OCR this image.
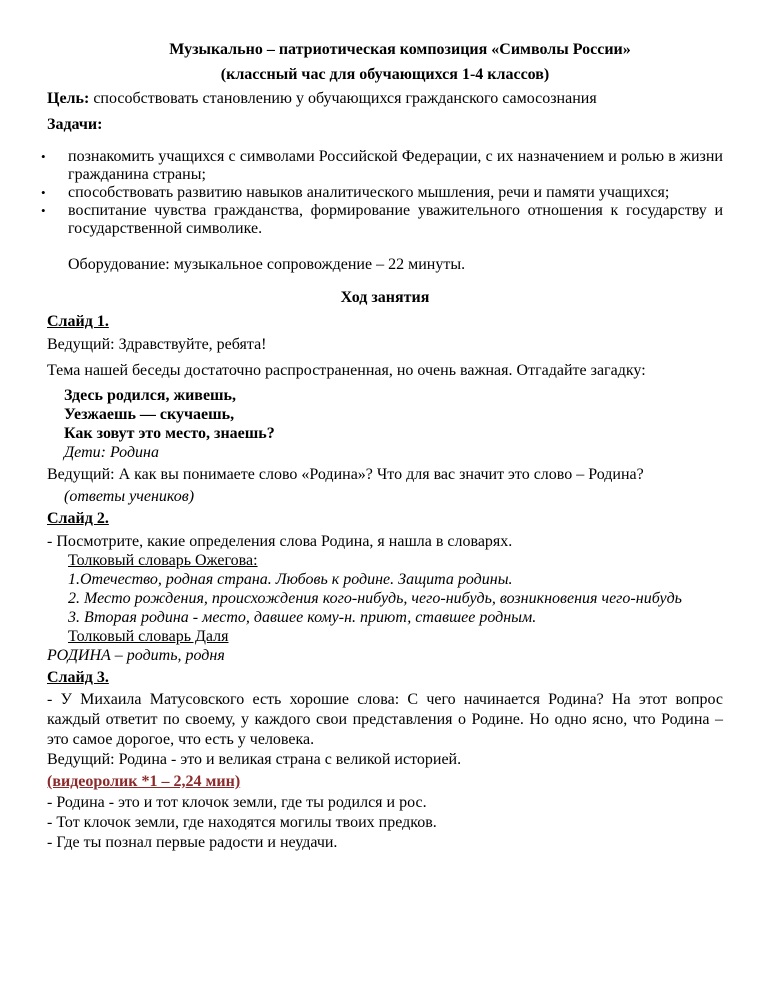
Музыкально – патриотическая композиция «Символы России»
(классный час для обучающихся 1-4 классов)
Цель: способствовать становлению у обучающихся гражданского самосознания
Задачи:
• познакомить учащихся с символами Российской Федерации, с их назначением и ролью в жизни гражданина страны;
• способствовать развитию навыков аналитического мышления, речи и памяти учащихся;
• воспитание чувства гражданства, формирование уважительного отношения к государству и государственной символике.
Оборудование: музыкальное сопровождение – 22 минуты.
Ход занятия
Слайд 1.
Ведущий: Здравствуйте, ребята!
Тема нашей беседы достаточно распространенная, но очень важная. Отгадайте загадку:
Здесь родился, живешь,
Уезжаешь — скучаешь,
Как зовут это место, знаешь?
Дети: Родина
Ведущий: А как вы понимаете слово «Родина»? Что для вас значит это слово – Родина?
(ответы учеников)
Слайд 2.
- Посмотрите, какие определения слова Родина, я нашла в словарях.
Толковый словарь Ожегова:
1.Отечество, родная страна. Любовь к родине. Защита родины.
2. Место рождения, происхождения кого-нибудь, чего-нибудь, возникновения чего-нибудь
3. Вторая родина - место, давшее кому-н. приют, ставшее родным.
Толковый словарь Даля
РОДИНА – родить, родня
Слайд 3.
- У Михаила Матусовского есть хорошие слова: С чего начинается Родина? На этот вопрос каждый ответит по своему, у каждого свои представления о Родине. Но одно ясно, что Родина – это самое дорогое, что есть у человека.
Ведущий: Родина - это и великая страна с великой историей.
(видеоролик *1 – 2,24 мин)
- Родина - это и тот клочок земли, где ты родился и рос.
- Тот клочок земли, где находятся могилы твоих предков.
- Где ты познал первые радости и неудачи.
